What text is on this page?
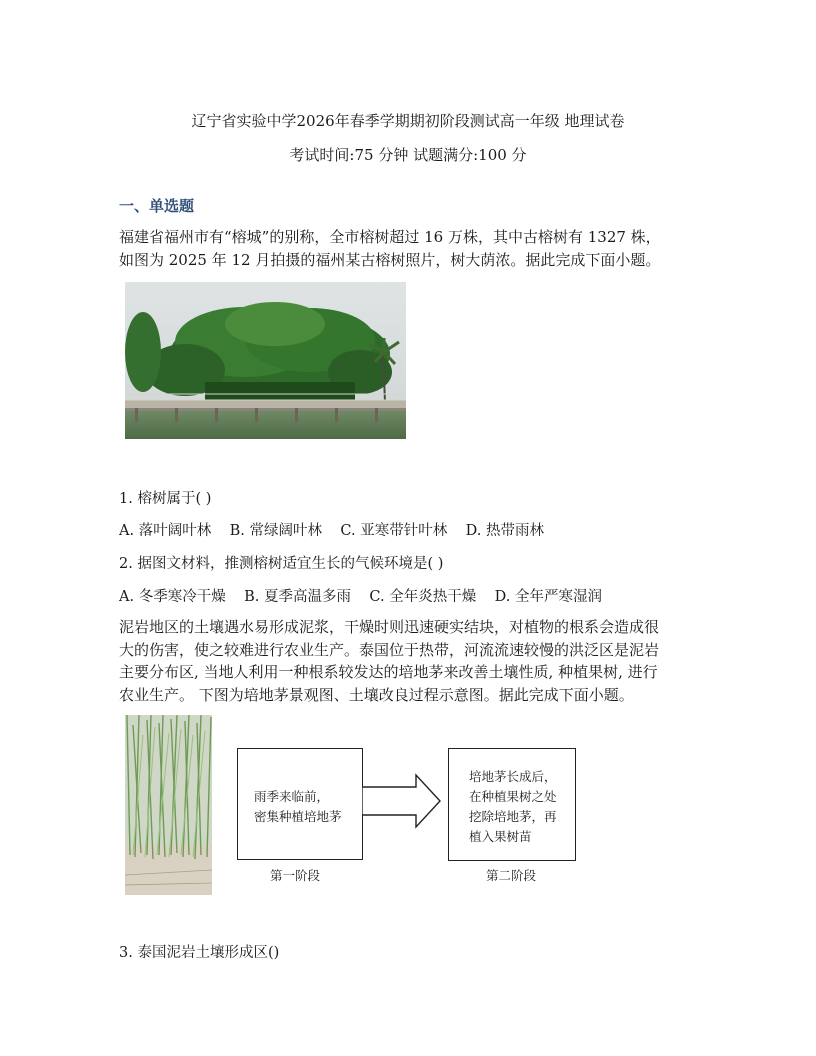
辽宁省实验中学2026年春季学期期初阶段测试高一年级 地理试卷
考试时间:75 分钟 试题满分:100 分
一、单选题
福建省福州市有“榕城”的别称，全市榕树超过 16 万株，其中古榕树有 1327 株，
如图为 2025 年 12 月拍摄的福州某古榕树照片，树大荫浓。据此完成下面小题。
1. 榕树属于( )
A. 落叶阔叶林    B. 常绿阔叶林    C. 亚寒带针叶林    D. 热带雨林
2. 据图文材料，推测榕树适宜生长的气候环境是( )
A. 冬季寒冷干燥    B. 夏季高温多雨    C. 全年炎热干燥    D. 全年严寒湿润
泥岩地区的土壤遇水易形成泥浆，干燥时则迅速硬实结块，对植物的根系会造成很
大的伤害，使之较难进行农业生产。泰国位于热带，河流流速较慢的洪泛区是泥岩
主要分布区, 当地人利用一种根系较发达的培地茅来改善土壤性质, 种植果树, 进行
农业生产。 下图为培地茅景观图、土壤改良过程示意图。据此完成下面小题。
雨季来临前，
密集种植培地茅
培地茅长成后，
在种植果树之处
挖除培地茅，再
植入果树苗
第一阶段	第二阶段
3. 泰国泥岩土壤形成区()
